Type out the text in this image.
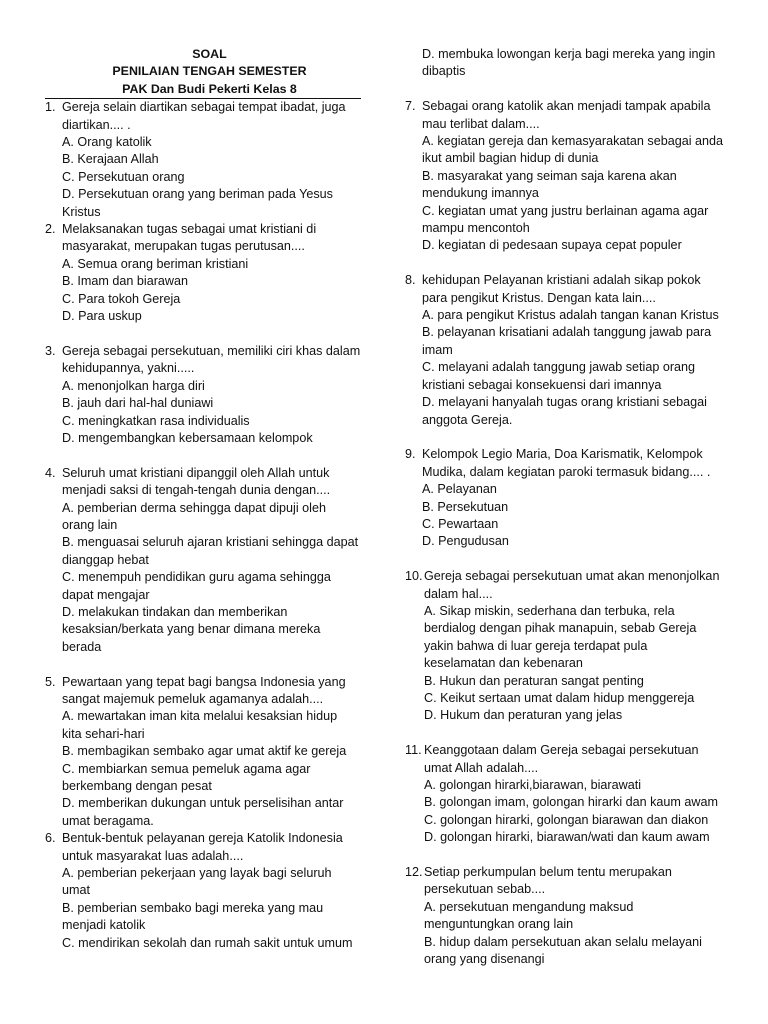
SOAL
PENILAIAN TENGAH SEMESTER
PAK Dan Budi Pekerti Kelas 8
1. Gereja selain diartikan sebagai tempat ibadat, juga
diartikan.... .
A. Orang katolik
B. Kerajaan Allah
C. Persekutuan orang
D. Persekutuan orang yang beriman pada Yesus
Kristus
2. Melaksanakan tugas sebagai umat kristiani di
masyarakat, merupakan tugas perutusan....
A. Semua orang beriman kristiani
B. Imam dan biarawan
C. Para tokoh Gereja
D. Para uskup
3. Gereja sebagai persekutuan, memiliki ciri khas dalam
kehidupannya, yakni.....
A. menonjolkan harga diri
B. jauh dari hal-hal duniawi
C. meningkatkan rasa individualis
D. mengembangkan kebersamaan kelompok
4. Seluruh umat kristiani dipanggil oleh Allah untuk
menjadi saksi di tengah-tengah dunia dengan....
A. pemberian derma sehingga dapat dipuji oleh
orang lain
B. menguasai seluruh ajaran kristiani sehingga dapat
dianggap hebat
C. menempuh pendidikan guru agama sehingga
dapat mengajar
D. melakukan tindakan dan memberikan
kesaksian/berkata yang benar dimana mereka
berada
5. Pewartaan yang tepat bagi bangsa Indonesia yang
sangat majemuk pemeluk agamanya adalah....
A. mewartakan iman kita melalui kesaksian hidup
kita sehari-hari
B. membagikan sembako agar umat aktif ke gereja
C. membiarkan semua pemeluk agama agar
berkembang dengan pesat
D. memberikan dukungan untuk perselisihan antar
umat beragama.
6. Bentuk-bentuk pelayanan gereja Katolik Indonesia
untuk masyarakat luas adalah....
A. pemberian pekerjaan yang layak bagi seluruh
umat
B. pemberian sembako bagi mereka yang mau
menjadi katolik
C. mendirikan sekolah dan rumah sakit untuk umum
D. membuka lowongan kerja bagi mereka yang ingin
dibaptis
7. Sebagai orang katolik akan menjadi tampak apabila
mau terlibat dalam....
A. kegiatan gereja dan kemasyarakatan sebagai anda
ikut ambil bagian hidup di dunia
B. masyarakat yang seiman saja karena akan
mendukung imannya
C. kegiatan umat yang justru berlainan agama agar
mampu mencontoh
D. kegiatan di pedesaan supaya cepat populer
8. kehidupan Pelayanan kristiani adalah sikap pokok
para pengikut Kristus. Dengan kata lain....
A. para pengikut Kristus adalah tangan kanan Kristus
B. pelayanan krisatiani adalah tanggung jawab para
imam
C. melayani adalah tanggung jawab setiap orang
kristiani sebagai konsekuensi dari imannya
D. melayani hanyalah tugas orang kristiani sebagai
anggota Gereja.
9. Kelompok Legio Maria, Doa Karismatik, Kelompok
Mudika, dalam kegiatan paroki termasuk bidang.... .
A. Pelayanan
B. Persekutuan
C. Pewartaan
D. Pengudusan
10. Gereja sebagai persekutuan umat akan menonjolkan
dalam hal....
A. Sikap miskin, sederhana dan terbuka, rela
berdialog dengan pihak manapuin, sebab Gereja
yakin bahwa di luar gereja terdapat pula
keselamatan dan kebenaran
B. Hukun dan peraturan sangat penting
C. Keikut sertaan umat dalam hidup menggereja
D. Hukum dan peraturan yang jelas
11. Keanggotaan dalam Gereja sebagai persekutuan
umat Allah adalah....
A. golongan hirarki,biarawan, biarawati
B. golongan imam, golongan hirarki dan kaum awam
C. golongan hirarki, golongan biarawan dan diakon
D. golongan hirarki, biarawan/wati dan kaum awam
12. Setiap perkumpulan belum tentu merupakan
persekutuan sebab....
A. persekutuan mengandung maksud
menguntungkan orang lain
B. hidup dalam persekutuan akan selalu melayani
orang yang disenangi
